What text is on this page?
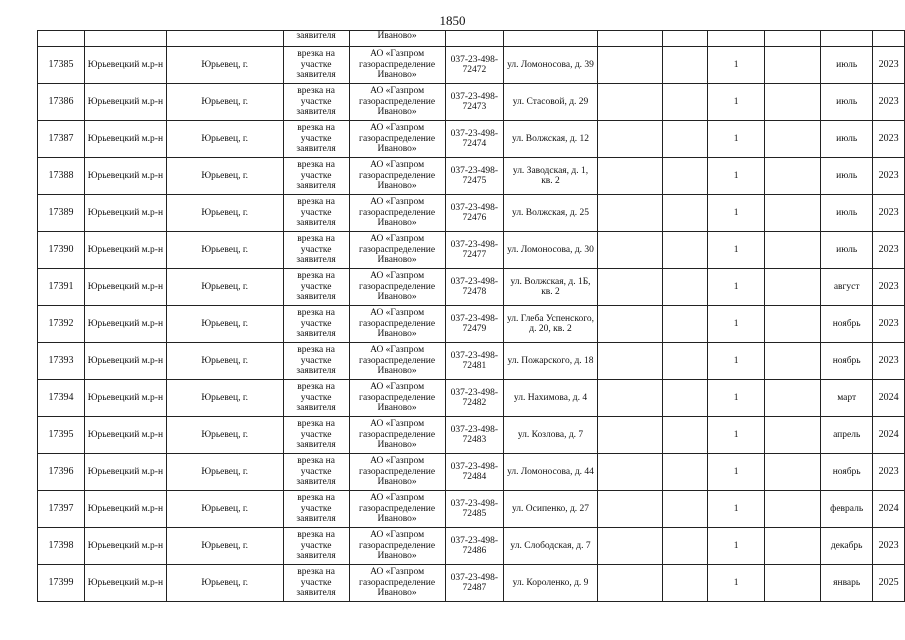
1850
			заявителя	Иваново»								
17385	Юрьевецкий м.р-н	Юрьевец, г.	врезка на участке заявителя	АО «Газпром газораспределение Иваново»	037-23-498-72472	ул. Ломоносова, д. 39			1		июль	2023
17386	Юрьевецкий м.р-н	Юрьевец, г.	врезка на участке заявителя	АО «Газпром газораспределение Иваново»	037-23-498-72473	ул. Стасовой, д. 29			1		июль	2023
17387	Юрьевецкий м.р-н	Юрьевец, г.	врезка на участке заявителя	АО «Газпром газораспределение Иваново»	037-23-498-72474	ул. Волжская, д. 12			1		июль	2023
17388	Юрьевецкий м.р-н	Юрьевец, г.	врезка на участке заявителя	АО «Газпром газораспределение Иваново»	037-23-498-72475	ул. Заводская, д. 1, кв. 2			1		июль	2023
17389	Юрьевецкий м.р-н	Юрьевец, г.	врезка на участке заявителя	АО «Газпром газораспределение Иваново»	037-23-498-72476	ул. Волжская, д. 25			1		июль	2023
17390	Юрьевецкий м.р-н	Юрьевец, г.	врезка на участке заявителя	АО «Газпром газораспределение Иваново»	037-23-498-72477	ул. Ломоносова, д. 30			1		июль	2023
17391	Юрьевецкий м.р-н	Юрьевец, г.	врезка на участке заявителя	АО «Газпром газораспределение Иваново»	037-23-498-72478	ул. Волжская, д. 1Б, кв. 2			1		август	2023
17392	Юрьевецкий м.р-н	Юрьевец, г.	врезка на участке заявителя	АО «Газпром газораспределение Иваново»	037-23-498-72479	ул. Глеба Успенского, д. 20, кв. 2			1		ноябрь	2023
17393	Юрьевецкий м.р-н	Юрьевец, г.	врезка на участке заявителя	АО «Газпром газораспределение Иваново»	037-23-498-72481	ул. Пожарского, д. 18			1		ноябрь	2023
17394	Юрьевецкий м.р-н	Юрьевец, г.	врезка на участке заявителя	АО «Газпром газораспределение Иваново»	037-23-498-72482	ул. Нахимова, д. 4			1		март	2024
17395	Юрьевецкий м.р-н	Юрьевец, г.	врезка на участке заявителя	АО «Газпром газораспределение Иваново»	037-23-498-72483	ул. Козлова, д. 7			1		апрель	2024
17396	Юрьевецкий м.р-н	Юрьевец, г.	врезка на участке заявителя	АО «Газпром газораспределение Иваново»	037-23-498-72484	ул. Ломоносова, д. 44			1		ноябрь	2023
17397	Юрьевецкий м.р-н	Юрьевец, г.	врезка на участке заявителя	АО «Газпром газораспределение Иваново»	037-23-498-72485	ул. Осипенко, д. 27			1		февраль	2024
17398	Юрьевецкий м.р-н	Юрьевец, г.	врезка на участке заявителя	АО «Газпром газораспределение Иваново»	037-23-498-72486	ул. Слободская, д. 7			1		декабрь	2023
17399	Юрьевецкий м.р-н	Юрьевец, г.	врезка на участке заявителя	АО «Газпром газораспределение Иваново»	037-23-498-72487	ул. Короленко, д. 9			1		январь	2025
